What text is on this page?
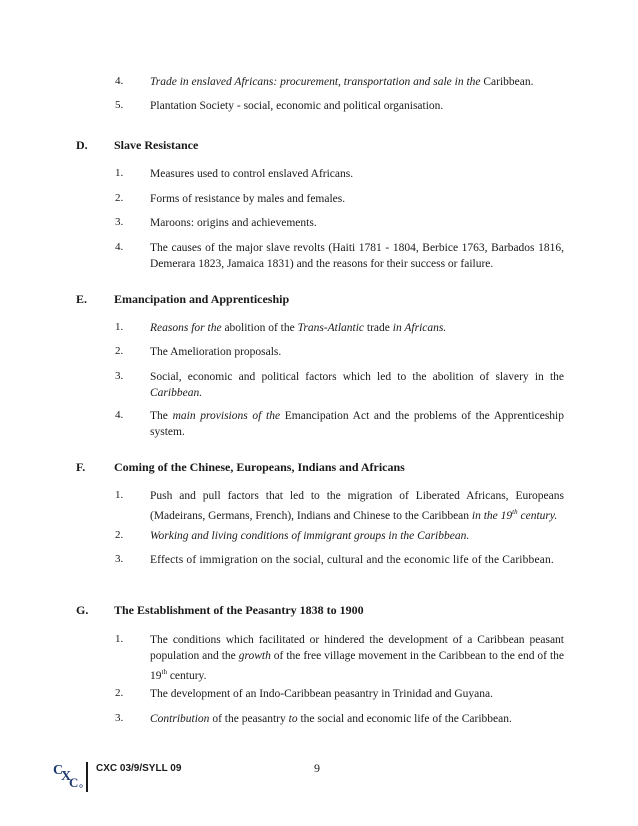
4. Trade in enslaved Africans: procurement, transportation and sale in the Caribbean.
5. Plantation Society - social, economic and political organisation.
D. Slave Resistance
1. Measures used to control enslaved Africans.
2. Forms of resistance by males and females.
3. Maroons: origins and achievements.
4. The causes of the major slave revolts (Haiti 1781 - 1804, Berbice 1763, Barbados 1816, Demerara 1823, Jamaica 1831) and the reasons for their success or failure.
E. Emancipation and Apprenticeship
1. Reasons for the abolition of the Trans-Atlantic trade in Africans.
2. The Amelioration proposals.
3. Social, economic and political factors which led to the abolition of slavery in the Caribbean.
4. The main provisions of the Emancipation Act and the problems of the Apprenticeship system.
F. Coming of the Chinese, Europeans, Indians and Africans
1. Push and pull factors that led to the migration of Liberated Africans, Europeans (Madeirans, Germans, French), Indians and Chinese to the Caribbean in the 19th century.
2. Working and living conditions of immigrant groups in the Caribbean.
3. Effects of immigration on the social, cultural and the economic life of the Caribbean.
G. The Establishment of the Peasantry 1838 to 1900
1. The conditions which facilitated or hindered the development of a Caribbean peasant population and the growth of the free village movement in the Caribbean to the end of the 19th century.
2. The development of an Indo-Caribbean peasantry in Trinidad and Guyana.
3. Contribution of the peasantry to the social and economic life of the Caribbean.
C
X
C
CXC 03/9/SYLL 09	9
